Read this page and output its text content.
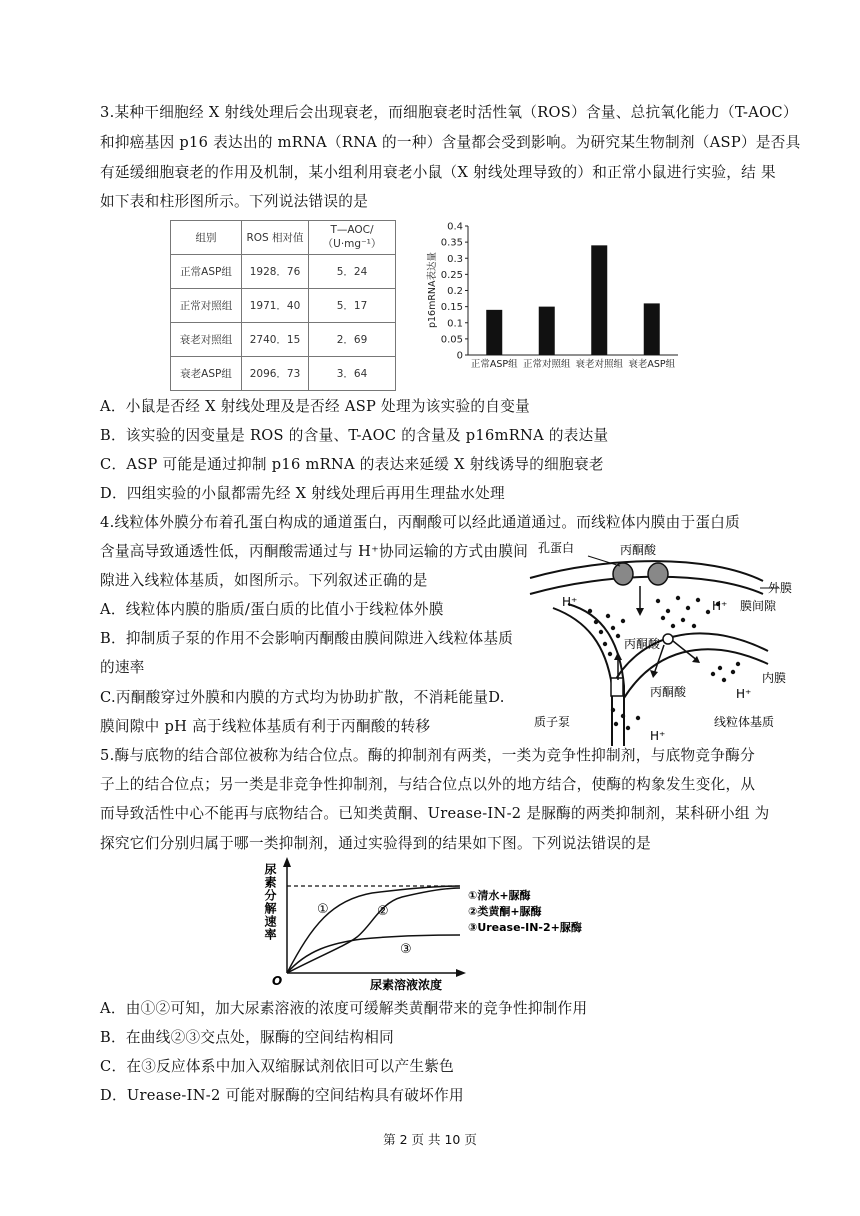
3.某种干细胞经 X 射线处理后会出现衰老，而细胞衰老时活性氧（ROS）含量、总抗氧化能力（T-AOC）
和抑癌基因 p16 表达出的 mRNA（RNA 的一种）含量都会受到影响。为研究某生物制剂（ASP）是否具
有延缓细胞衰老的作用及机制，某小组利用衰老小鼠（X 射线处理导致的）和正常小鼠进行实验，结 果
如下表和柱形图所示。下列说法错误的是
组别	ROS 相对值	T—AOC/（U·mg⁻¹）
正常ASP组	1928．76	5．24
正常对照组	1971．40	5．17
衰老对照组	2740．15	2．69
衰老ASP组	2096．73	3．64
p16mRNA表达量
0
0.05
0.1
0.15
0.2
0.25
0.3
0.35
0.4
正常ASP组 正常对照组 衰老对照组 衰老ASP组
A．小鼠是否经 X 射线处理及是否经 ASP 处理为该实验的自变量
B．该实验的因变量是 ROS 的含量、T-AOC 的含量及 p16mRNA 的表达量
C．ASP 可能是通过抑制 p16 mRNA 的表达来延缓 X 射线诱导的细胞衰老
D．四组实验的小鼠都需先经 X 射线处理后再用生理盐水处理
4.线粒体外膜分布着孔蛋白构成的通道蛋白，丙酮酸可以经此通道通过。而线粒体内膜由于蛋白质
含量高导致通透性低，丙酮酸需通过与 H⁺协同运输的方式由膜间
隙进入线粒体基质，如图所示。下列叙述正确的是
A．线粒体内膜的脂质/蛋白质的比值小于线粒体外膜
B．抑制质子泵的作用不会影响丙酮酸由膜间隙进入线粒体基质
的速率
C.丙酮酸穿过外膜和内膜的方式均为协助扩散，不消耗能量D.
膜间隙中 pH 高于线粒体基质有利于丙酮酸的转移
孔蛋白	丙酮酸
外膜
H⁺	H⁺ 膜间隙
丙酮酸
内膜
H⁺
丙酮酸
质子泵	线粒体基质
H⁺
5.酶与底物的结合部位被称为结合位点。酶的抑制剂有两类，一类为竞争性抑制剂，与底物竞争酶分
子上的结合位点；另一类是非竞争性抑制剂，与结合位点以外的地方结合，使酶的构象发生变化，从
而导致活性中心不能再与底物结合。已知类黄酮、Urease-IN-2 是脲酶的两类抑制剂，某科研小组 为
探究它们分别归属于哪一类抑制剂，通过实验得到的结果如下图。下列说法错误的是
①	②
③
尿素分解速率
O	尿素溶液浓度
①清水+脲酶
②类黄酮+脲酶
③Urease-IN-2+脲酶
A．由①②可知，加大尿素溶液的浓度可缓解类黄酮带来的竞争性抑制作用
B．在曲线②③交点处，脲酶的空间结构相同
C．在③反应体系中加入双缩脲试剂依旧可以产生紫色
D．Urease-IN-2 可能对脲酶的空间结构具有破坏作用
第 2 页 共 10 页
